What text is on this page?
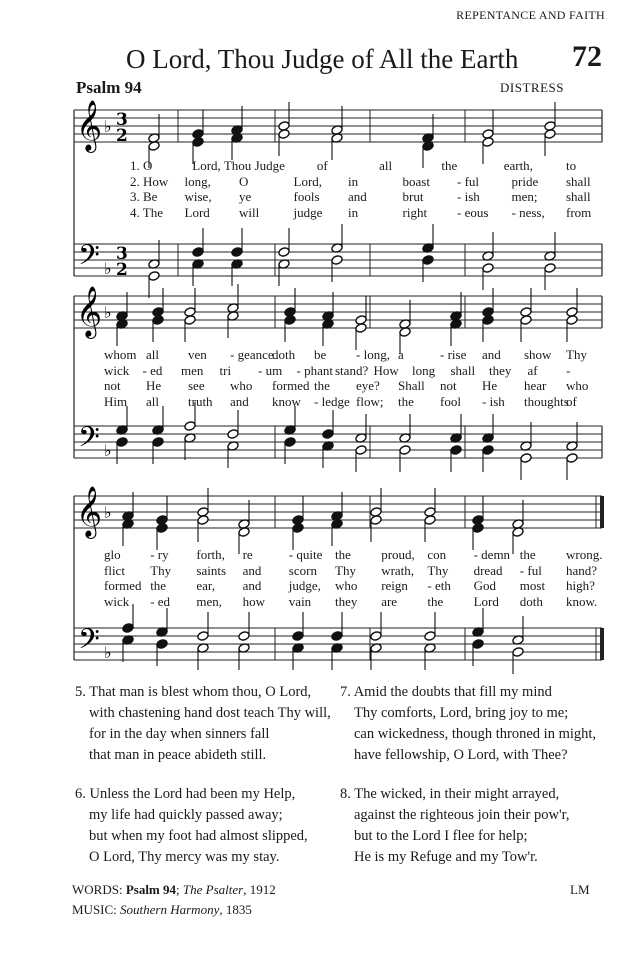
REPENTANCE AND FAITH
O Lord, Thou Judge of All the Earth 72
Psalm 94	DISTRESS
𝄞
𝄢
♭
♭
3
2
3
2
𝄞
𝄢
♭
♭
𝄞
𝄢
♭
♭
1. O	Lord, Thou Judge of	all	the	earth,	to
2. How long, O	Lord, in	boast - ful pride shall
3. Be wise, ye	fools and	brut	- ish men; shall
4. The Lord will	judge in	right - eous - ness, from
whom all ven - geance
doth be - long, a	- rise and show Thy
wick - ed men tri - um - phant stand? How long shall they af -
not He see who formed the eye? Shall not He hear who
Him all truth and know - ledge flow; the fool - ish thoughts
of
glo - ry forth, re	- quite the proud, con - demn the wrong.
flict Thy saints and scorn Thy wrath, Thy dread - ful hand?
formed the ear, and judge, who reign - eth God most high?
wick - ed men, how vain they are the Lord doth know.
5. That man is blest whom thou, O Lord,
with chastening hand dost teach Thy will,
for in the day when sinners fall
that man in peace abideth still.
6. Unless the Lord had been my Help,
my life had quickly passed away;
but when my foot had almost slipped,
O Lord, Thy mercy was my stay.
7. Amid the doubts that fill my mind
Thy comforts, Lord, bring joy to me;
can wickedness, though throned in might,
have fellowship, O Lord, with Thee?
8. The wicked, in their might arrayed,
against the righteous join their pow'r,
but to the Lord I flee for help;
He is my Refuge and my Tow'r.
WORDS: Psalm 94; The Psalter, 1912
MUSIC: Southern Harmony, 1835
LM
